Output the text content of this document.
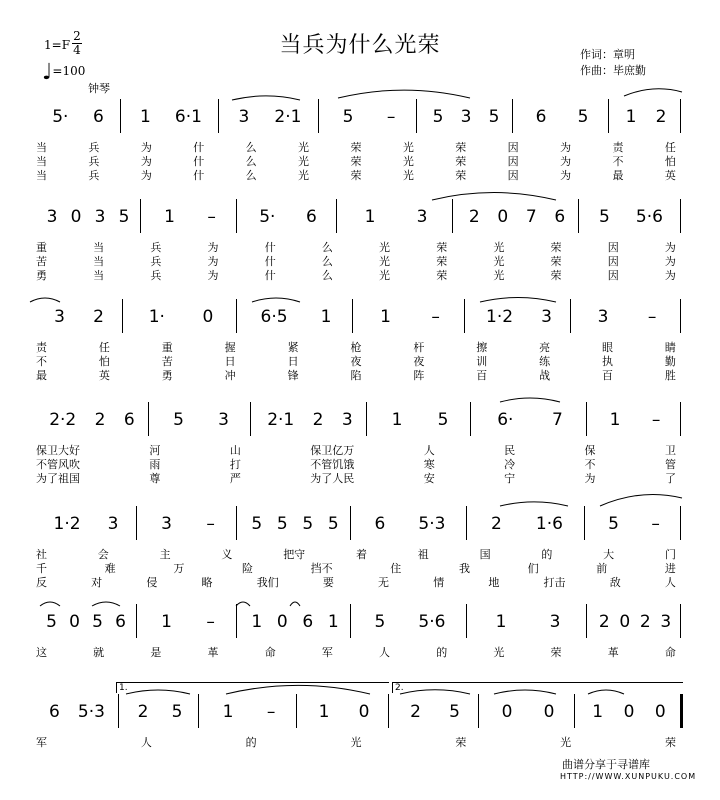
当兵为什么光荣
1=F
2
4
♩=100
钟琴
作词：章明
作曲：毕庶勤
5· 6 1 6·1 3 2·1 5 – 5 3 5 6 5 1 2
当	兵	为	什	么	光	荣	光	荣	因	为	责	任
当	兵	为	什	么	光	荣	光	荣	因	为	不	怕
当	兵	为	什	么	光	荣	光	荣	因	为	最	英
3 0 3 5 1 –	5· 6	1 3 2 0 7 6 5 5·6
重	当	兵	为	什	么	光	荣	光	荣	因	为
苦	当	兵	为	什	么	光	荣	光	荣	因	为
勇	当	兵	为	什	么	光	荣	光	荣	因	为
3 2	1· 0	6·5 1	1 –	1·2 3	3 –
责	任	重	握	紧	枪	杆	擦	亮	眼	睛
不	怕	苦	日	日	夜	夜	训	练	执	勤
最	英	勇	冲	锋	陷	阵	百	战	百	胜
2·2 2 6 5 3 2·1 2 3 1 5	6· 7	1 –
保卫大好	河	山	保卫亿万	人	民	保	卫
不管风吹	雨	打	不管饥饿	寒	冷	不	管
为了祖国	尊	严	为了人民	安	宁	为	了
1·2 3	3 – 5 5 5 5 6 5·3	2 1·6	5 –
社	会	主	义	把守	着	祖	国	的	大	门
千	难	万	险	挡不	住	我	们	前	进
反	对	侵	略	我们	要	无	情	地	打击	敌	人
5 0 5 6 1 – 1 0 6 1 5 5·6	1	3 2 0 2 3
这	就	是	革	命	军	人	的	光	荣	革	命
6 5·3 2 5 1 –	1 0 2 5 0 0 1 0 0
军	人	的	光	荣	光	荣
1.	2.
曲谱分享于寻谱库
HTTP://WWW.XUNPUKU.COM
